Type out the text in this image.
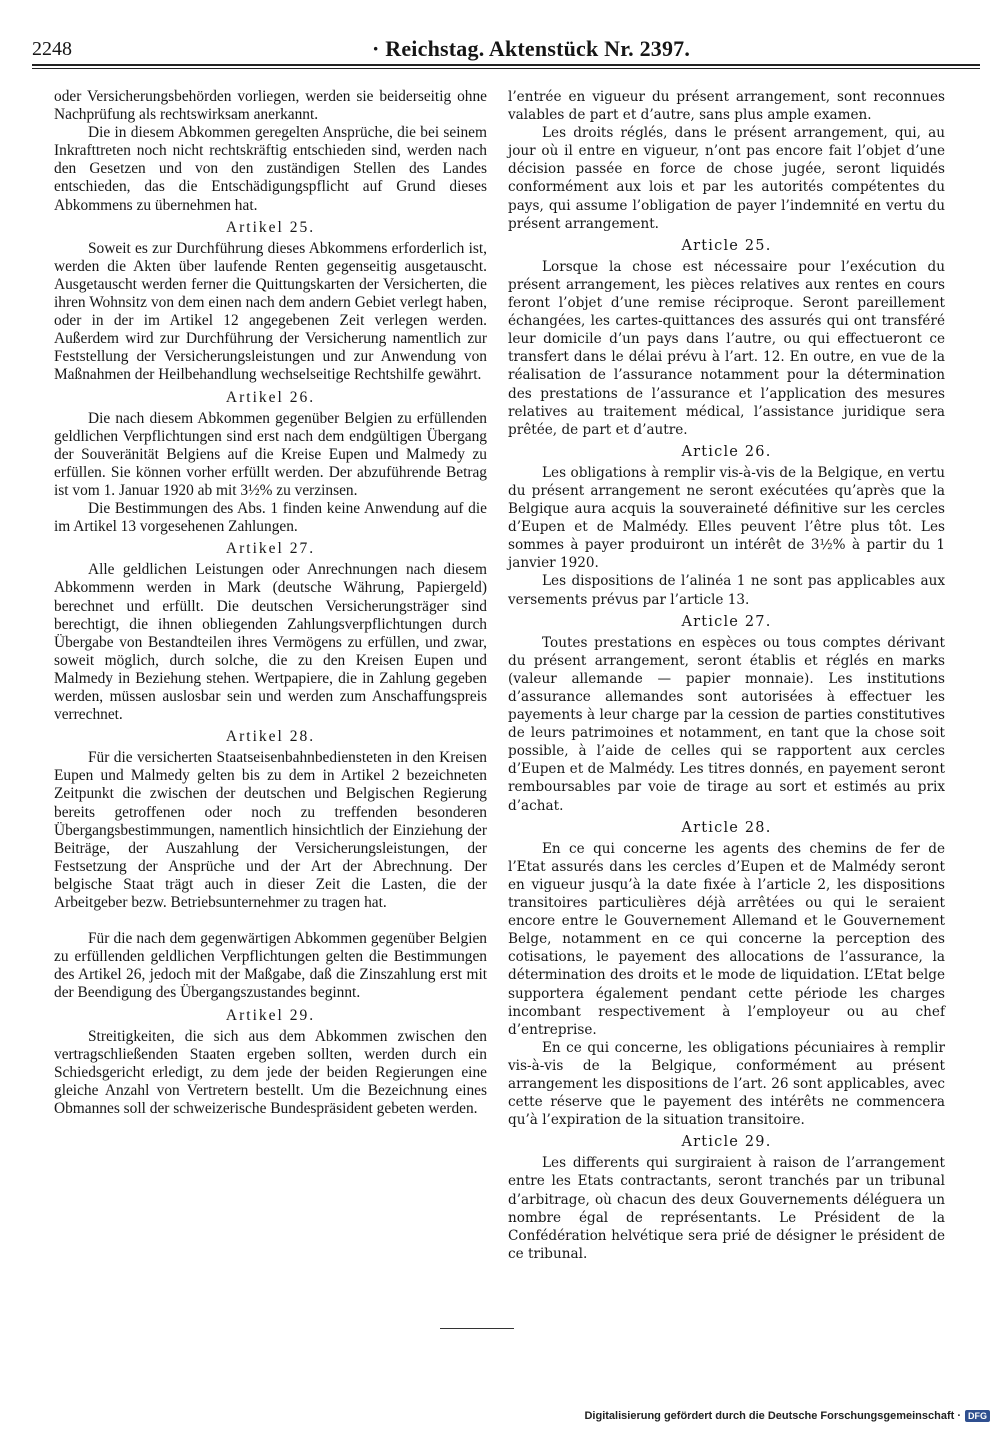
2248	· Reichstag. Aktenstück Nr. 2397.

oder Versicherungsbehörden vorliegen, werden sie beiderseitig ohne Nachprüfung als rechtswirksam anerkannt.

Die in diesem Abkommen geregelten Ansprüche, die bei seinem Inkrafttreten noch nicht rechtskräftig entschieden sind, werden nach den Gesetzen und von den zuständigen Stellen des Landes entschieden, das die Entschädigungspflicht auf Grund dieses Abkommens zu übernehmen hat.

Artikel 25.

Soweit es zur Durchführung dieses Abkommens erforderlich ist, werden die Akten über laufende Renten gegenseitig ausgetauscht. Ausgetauscht werden ferner die Quittungskarten der Versicherten, die ihren Wohnsitz von dem einen nach dem andern Gebiet verlegt haben, oder in der im Artikel 12 angegebenen Zeit verlegen werden. Außerdem wird zur Durchführung der Versicherung namentlich zur Feststellung der Versicherungsleistungen und zur Anwendung von Maßnahmen der Heilbehandlung wechselseitige Rechtshilfe gewährt.

Artikel 26.

Die nach diesem Abkommen gegenüber Belgien zu erfüllenden geldlichen Verpflichtungen sind erst nach dem endgültigen Übergang der Souveränität Belgiens auf die Kreise Eupen und Malmedy zu erfüllen. Sie können vorher erfüllt werden. Der abzuführende Betrag ist vom 1. Januar 1920 ab mit 3½% zu verzinsen.

Die Bestimmungen des Abs. 1 finden keine Anwendung auf die im Artikel 13 vorgesehenen Zahlungen.

Artikel 27.

Alle geldlichen Leistungen oder Anrechnungen nach diesem Abkommenn werden in Mark (deutsche Währung, Papiergeld) berechnet und erfüllt. Die deutschen Versicherungsträger sind berechtigt, die ihnen obliegenden Zahlungsverpflichtungen durch Übergabe von Bestandteilen ihres Vermögens zu erfüllen, und zwar, soweit möglich, durch solche, die zu den Kreisen Eupen und Malmedy in Beziehung stehen. Wertpapiere, die in Zahlung gegeben werden, müssen auslosbar sein und werden zum Anschaffungspreis verrechnet.

Artikel 28.

Für die versicherten Staatseisenbahnbediensteten in den Kreisen Eupen und Malmedy gelten bis zu dem in Artikel 2 bezeichneten Zeitpunkt die zwischen der deutschen und Belgischen Regierung bereits getroffenen oder noch zu treffenden besonderen Übergangsbestimmungen, namentlich hinsichtlich der Einziehung der Beiträge, der Auszahlung der Versicherungsleistungen, der Festsetzung der Ansprüche und der Art der Abrechnung. Der belgische Staat trägt auch in dieser Zeit die Lasten, die der Arbeitgeber bezw. Betriebsunternehmer zu tragen hat.

Für die nach dem gegenwärtigen Abkommen gegenüber Belgien zu erfüllenden geldlichen Verpflichtungen gelten die Bestimmungen des Artikel 26, jedoch mit der Maßgabe, daß die Zinszahlung erst mit der Beendigung des Übergangszustandes beginnt.

Artikel 29.

Streitigkeiten, die sich aus dem Abkommen zwischen den vertragschließenden Staaten ergeben sollten, werden durch ein Schiedsgericht erledigt, zu dem jede der beiden Regierungen eine gleiche Anzahl von Vertretern bestellt. Um die Bezeichnung eines Obmannes soll der schweizerische Bundespräsident gebeten werden.

l’entrée en vigueur du présent arrangement, sont reconnues valables de part et d’autre, sans plus ample examen.

Les droits réglés, dans le présent arrangement, qui, au jour où il entre en vigueur, n’ont pas encore fait l’objet d’une décision passée en force de chose jugée, seront liquidés conformément aux lois et par les autorités compétentes du pays, qui assume l’obligation de payer l’indemnité en vertu du présent arrangement.

Article 25.

Lorsque la chose est nécessaire pour l’exécution du présent arrangement, les pièces relatives aux rentes en cours feront l’objet d’une remise réciproque. Seront pareillement échangées, les cartes-quittances des assurés qui ont transféré leur domicile d’un pays dans l’autre, ou qui effectueront ce transfert dans le délai prévu à l’art. 12. En outre, en vue de la réalisation de l’assurance notamment pour la détermination des prestations de l’assurance et l’application des mesures relatives au traitement médical, l’assistance juridique sera prêtée, de part et d’autre.

Article 26.

Les obligations à remplir vis-à-vis de la Belgique, en vertu du présent arrangement ne seront exécutées qu’après que la Belgique aura acquis la souveraineté définitive sur les cercles d’Eupen et de Malmédy. Elles peuvent l’être plus tôt. Les sommes à payer produiront un intérêt de 3½% à partir du 1 janvier 1920.

Les dispositions de l’alinéa 1 ne sont pas applicables aux versements prévus par l’article 13.

Article 27.

Toutes prestations en espèces ou tous comptes dérivant du présent arrangement, seront établis et réglés en marks (valeur allemande — papier monnaie). Les institutions d’assurance allemandes sont autorisées à effectuer les payements à leur charge par la cession de parties constitutives de leurs patrimoines et notamment, en tant que la chose soit possible, à l’aide de celles qui se rapportent aux cercles d’Eupen et de Malmédy. Les titres donnés, en payement seront remboursables par voie de tirage au sort et estimés au prix d’achat.

Article 28.

En ce qui concerne les agents des chemins de fer de l’Etat assurés dans les cercles d’Eupen et de Malmédy seront en vigueur jusqu’à la date fixée à l’article 2, les dispositions transitoires particulières déjà arrêtées ou qui le seraient encore entre le Gouvernement Allemand et le Gouvernement Belge, notamment en ce qui concerne la perception des cotisations, le payement des allocations de l’assurance, la détermination des droits et le mode de liquidation. L’Etat belge supportera également pendant cette période les charges incombant respectivement à l’employeur ou au chef d’entreprise.

En ce qui concerne, les obligations pécuniaires à remplir vis-à-vis de la Belgique, conformément au présent arrangement les dispositions de l’art. 26 sont applicables, avec cette réserve que le payement des intérêts ne commencera qu’à l’expiration de la situation transitoire.

Article 29.

Les differents qui surgiraient à raison de l’arrangement entre les Etats contractants, seront tranchés par un tribunal d’arbitrage, où chacun des deux Gouvernements déléguera un nombre égal de représentants. Le Président de la Confédération helvétique sera prié de désigner le président de ce tribunal.

Digitalisierung gefördert durch die Deutsche Forschungsgemeinschaft · DFG
